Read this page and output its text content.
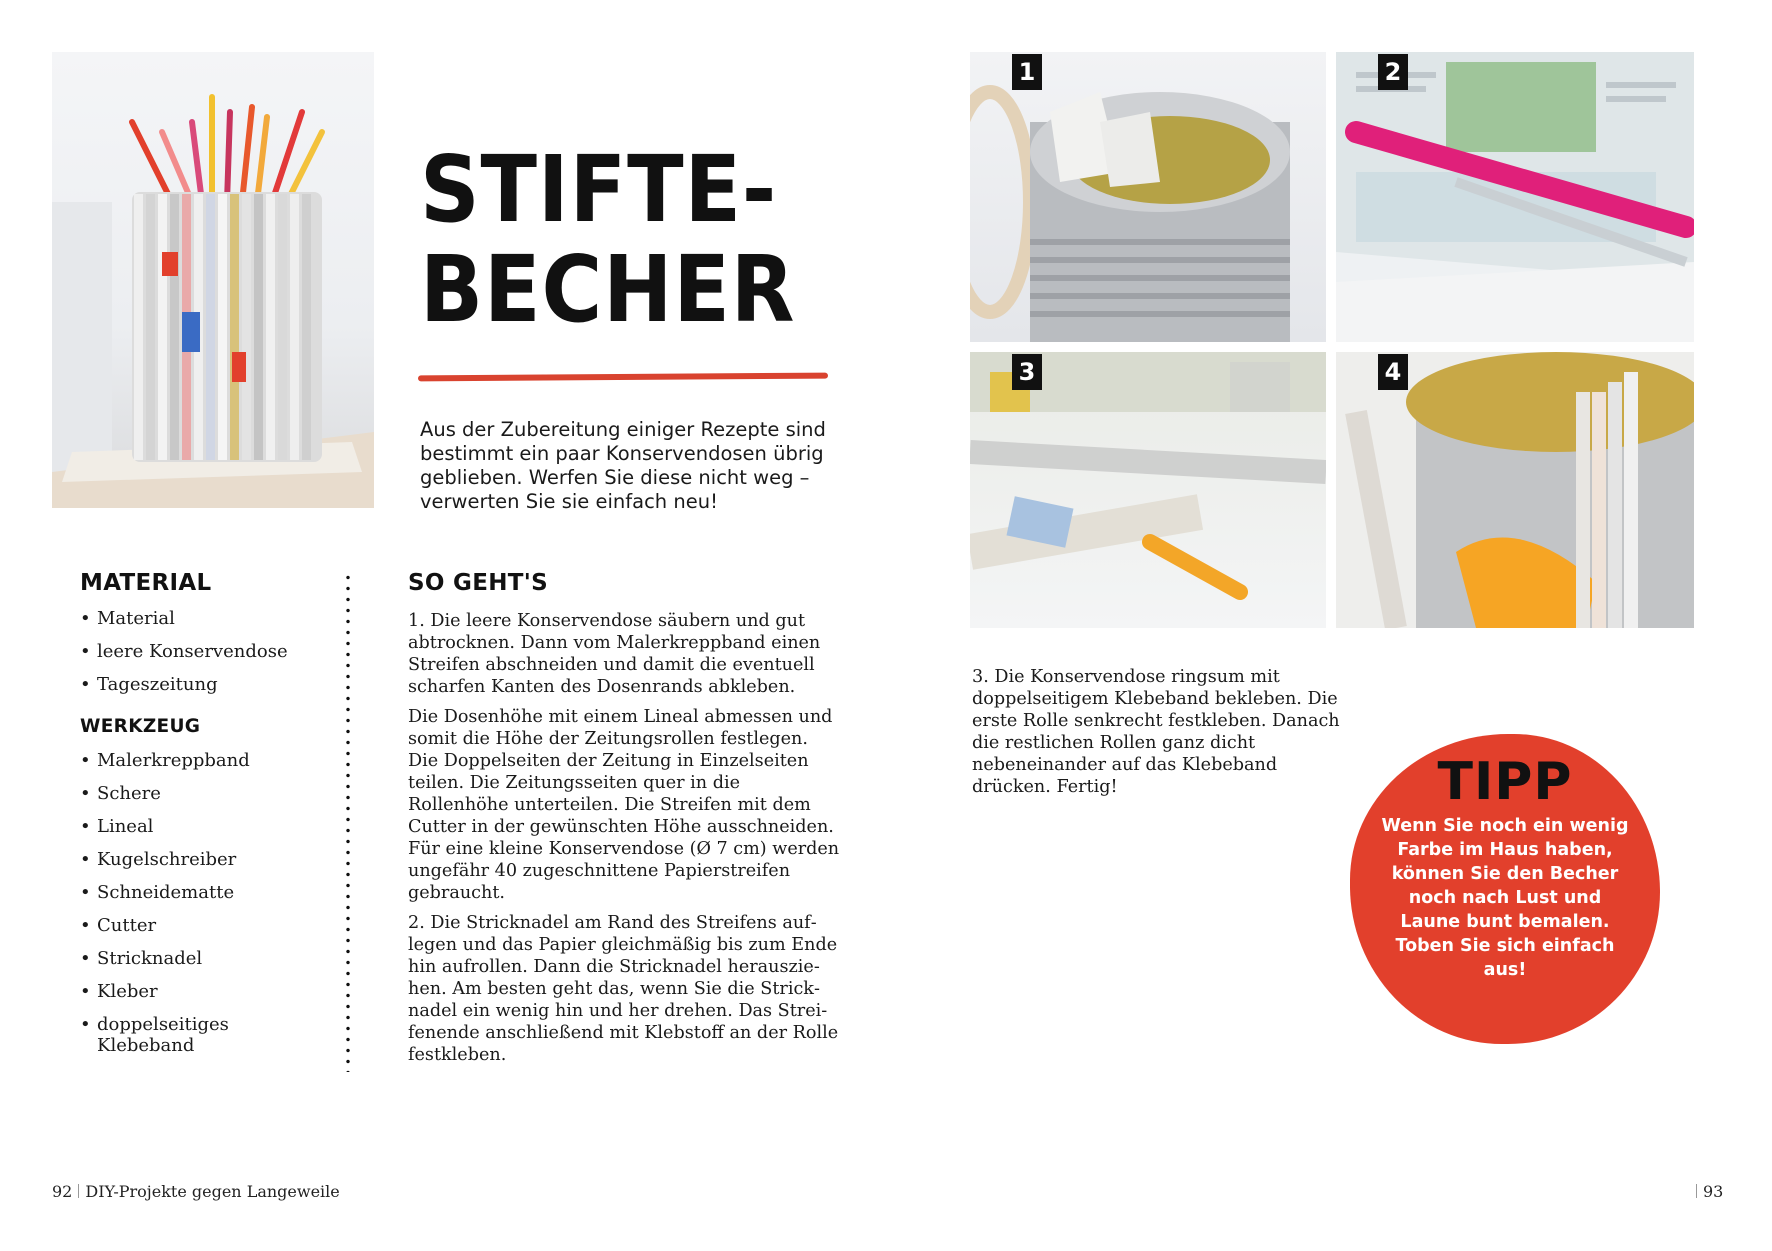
STIFTE-
BECHER
Aus der Zubereitung einiger Rezepte sind bestimmt ein paar Konservendosen übrig geblieben. Werfen Sie diese nicht weg – verwerten Sie sie einfach neu!
MATERIAL
• Material
• leere Konservendose
• Tageszeitung
WERKZEUG
• Malerkreppband
• Schere
• Lineal
• Kugelschreiber
• Schneidematte
• Cutter
• Stricknadel
• Kleber
• doppelseitiges Klebeband
SO GEHT'S

1. Die leere Konservendose säubern und gut abtrocknen. Dann vom Malerkreppband einen Streifen abschneiden und damit die eventuell scharfen Kanten des Dosenrands abkleben.

Die Dosenhöhe mit einem Lineal abmessen und somit die Höhe der Zeitungsrollen festlegen. Die Doppelseiten der Zeitung in Einzelseiten teilen. Die Zeitungsseiten quer in die Rollenhöhe unterteilen. Die Streifen mit dem Cutter in der gewünschten Höhe ausschneiden. Für eine kleine Konservendose (Ø 7 cm) werden ungefähr 40 zugeschnittene Papierstreifen gebraucht.

2. Die Stricknadel am Rand des Streifens auflegen und das Papier gleichmäßig bis zum Ende hin aufrollen. Dann die Stricknadel herausziehen. Am besten geht das, wenn Sie die Stricknadel ein wenig hin und her drehen. Das Streifenende anschließend mit Klebstoff an der Rolle festkleben.

92 DIY-Projekte gegen Langeweile
1	2
3	4

3. Die Konservendose ringsum mit doppelseitigem Klebeband bekleben. Die erste Rolle senkrecht festkleben. Danach die restlichen Rollen ganz dicht nebeneinander auf das Klebeband drücken. Fertig!	TIPP
Wenn Sie noch ein wenig Farbe im Haus haben, können Sie den Becher noch nach Lust und Laune bunt bemalen. Toben Sie sich einfach aus!
93
